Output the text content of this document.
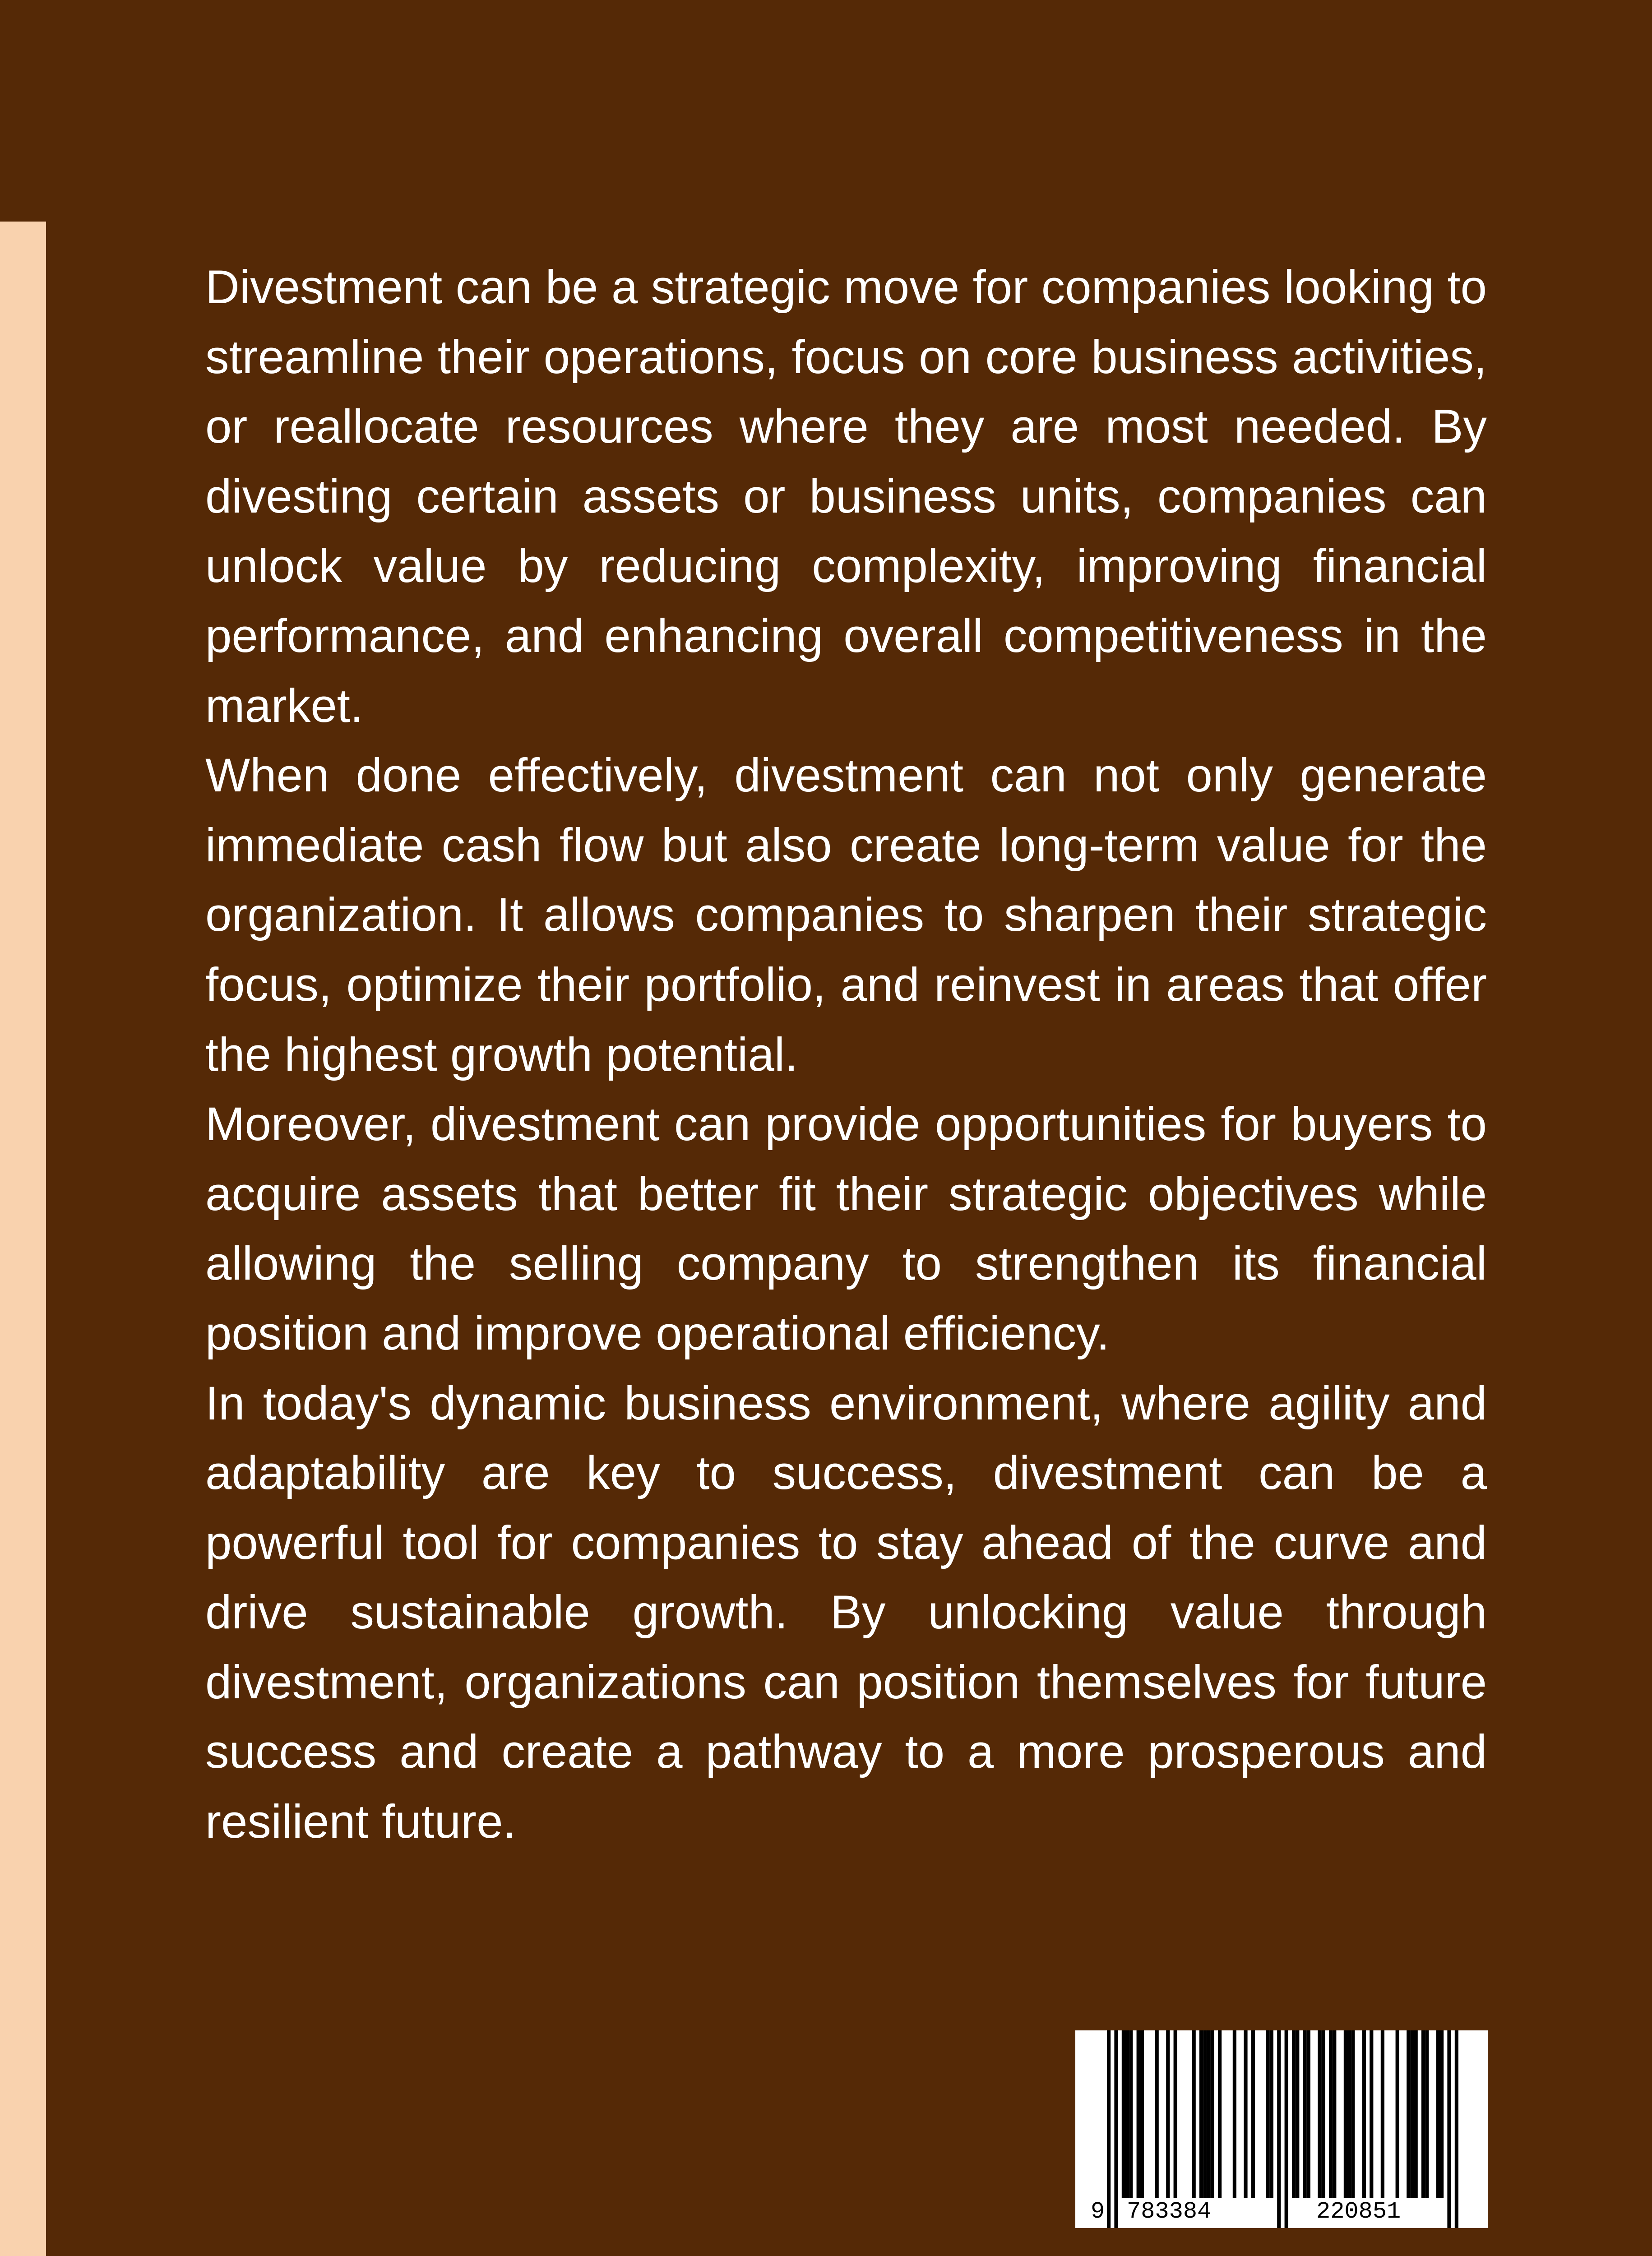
Divestment can be a strategic move for companies looking to streamline their operations, focus on core business activities, or reallocate resources where they are most needed. By divesting certain assets or business units, companies can unlock value by reducing complexity, improving financial performance, and enhancing overall competitiveness in the market.

When done effectively, divestment can not only generate immediate cash flow but also create long-term value for the organization. It allows companies to sharpen their strategic focus, optimize their portfolio, and reinvest in areas that offer the highest growth potential.

Moreover, divestment can provide opportunities for buyers to acquire assets that better fit their strategic objectives while allowing the selling company to strengthen its financial position and improve operational efficiency.

In today's dynamic business environment, where agility and adaptability are key to success, divestment can be a powerful tool for companies to stay ahead of the curve and drive sustainable growth. By unlocking value through divestment, organizations can position themselves for future success and create a pathway to a more prosperous and resilient future.

9 783384	220851
